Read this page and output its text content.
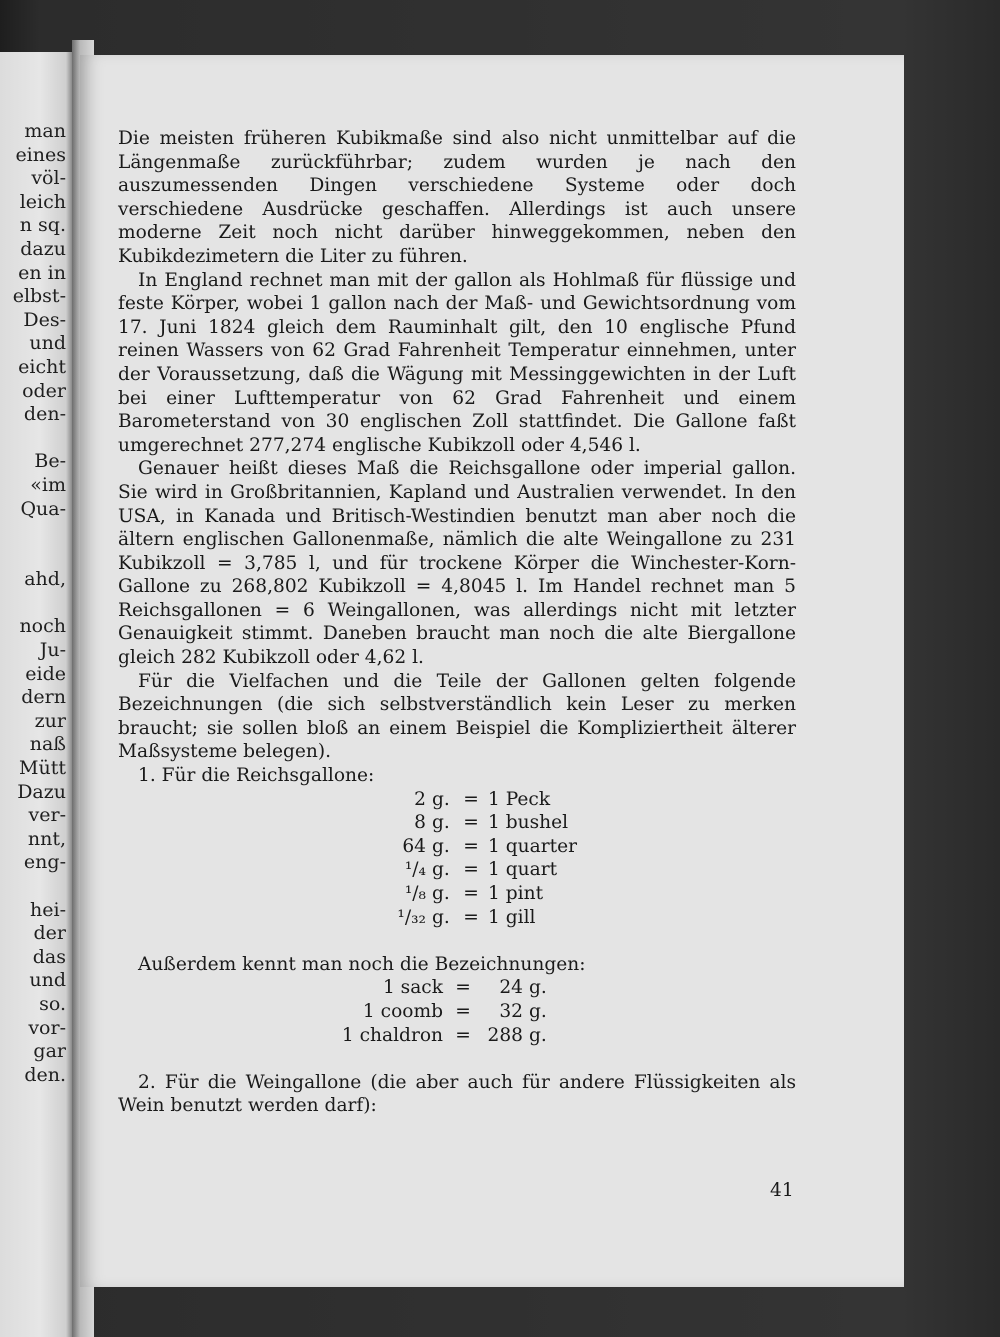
man
eines
völ-
leich
n sq.
dazu
en in
elbst-
Des-
und
eicht
oder
den-
Be-
«im
Qua-
ahd,
noch
Ju-
eide
dern
zur
naß
Mütt
Dazu
ver-
nnt,
eng-
hei-
der
das
und
so.
vor-
gar
den.

Die meisten früheren Kubikmaße sind also nicht unmittelbar auf die Längenmaße zurückführbar; zudem wurden je nach den auszumessenden Dingen verschiedene Systeme oder doch verschiedene Ausdrücke geschaffen. Allerdings ist auch unsere moderne Zeit noch nicht darüber hinweggekommen, neben den Kubikdezimetern die Liter zu führen.

In England rechnet man mit der gallon als Hohlmaß für flüssige und feste Körper, wobei 1 gallon nach der Maß- und Gewichtsordnung vom 17. Juni 1824 gleich dem Rauminhalt gilt, den 10 englische Pfund reinen Wassers von 62 Grad Fahrenheit Temperatur einnehmen, unter der Voraussetzung, daß die Wägung mit Messinggewichten in der Luft bei einer Lufttemperatur von 62 Grad Fahrenheit und einem Barometerstand von 30 englischen Zoll stattfindet. Die Gallone faßt umgerechnet 277,274 englische Kubikzoll oder 4,546 l.

Genauer heißt dieses Maß die Reichsgallone oder imperial gallon. Sie wird in Großbritannien, Kapland und Australien verwendet. In den USA, in Kanada und Britisch-Westindien benutzt man aber noch die ältern englischen Gallonenmaße, nämlich die alte Weingallone zu 231 Kubikzoll = 3,785 l, und für trockene Körper die Winchester-Korn-Gallone zu 268,802 Kubikzoll = 4,8045 l. Im Handel rechnet man 5 Reichsgallonen = 6 Weingallonen, was allerdings nicht mit letzter Genauigkeit stimmt. Daneben braucht man noch die alte Biergallone gleich 282 Kubikzoll oder 4,62 l.

Für die Vielfachen und die Teile der Gallonen gelten folgende Bezeichnungen (die sich selbstverständlich kein Leser zu merken braucht; sie sollen bloß an einem Beispiel die Kompliziertheit älterer Maßsysteme belegen).

1. Für die Reichsgallone:

2	g.	=	1 Peck
8	g.	=	1 bushel
64	g.	=	1 quarter
¹/₄	g.	=	1 quart
¹/₈	g.	=	1 pint
¹/₃₂	g.	=	1 gill

Außerdem kennt man noch die Bezeichnungen:

1 sack	=	24	g.
1 coomb	=	32	g.
1 chaldron	=	288	g.

2. Für die Weingallone (die aber auch für andere Flüssigkeiten als Wein benutzt werden darf):

41
